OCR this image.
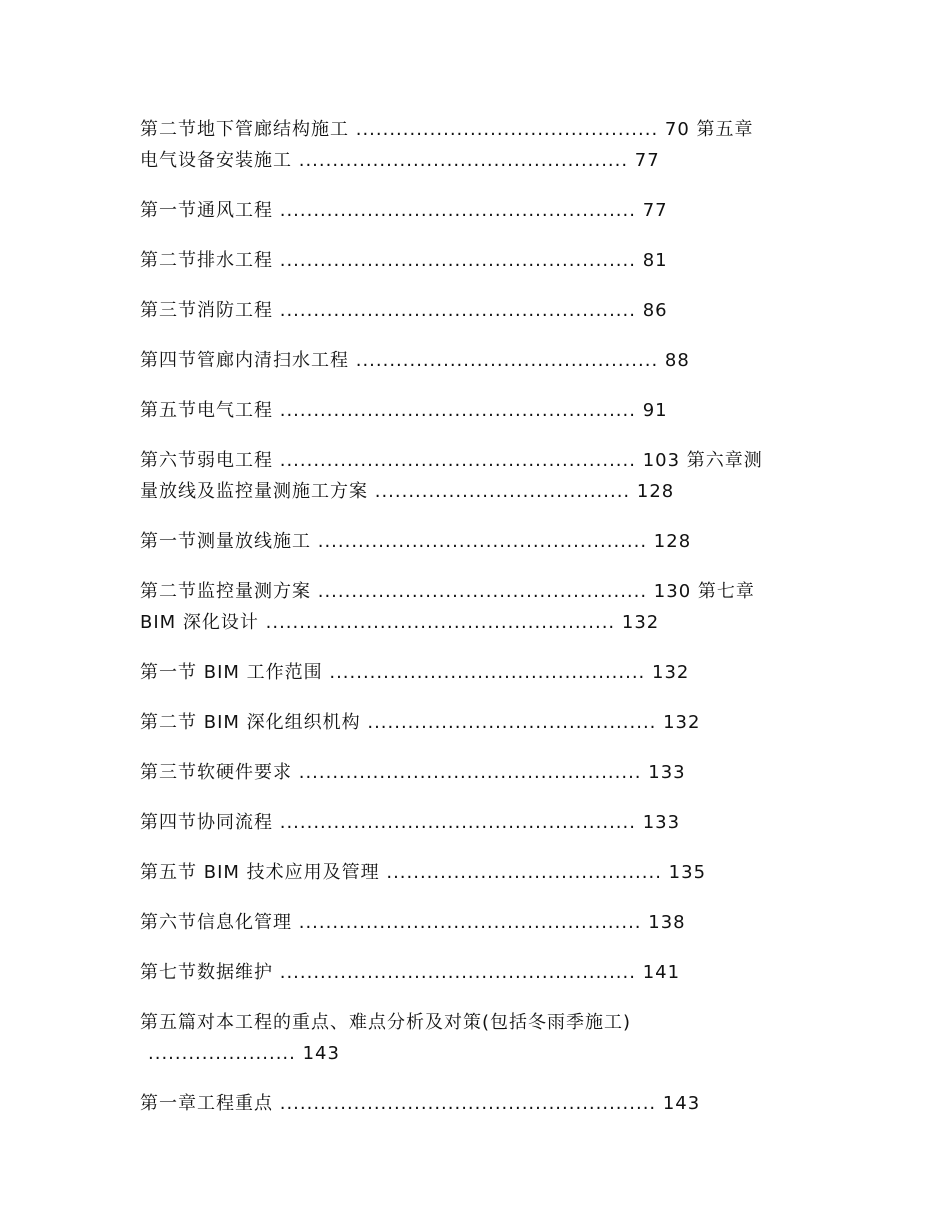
第二节地下管廊结构施工 ............................................. 70 第五章
电气设备安装施工 ................................................. 77
第一节通风工程 ..................................................... 77
第二节排水工程 ..................................................... 81
第三节消防工程 ..................................................... 86
第四节管廊内清扫水工程 ............................................. 88
第五节电气工程 ..................................................... 91
第六节弱电工程 ..................................................... 103 第六章测
量放线及监控量测施工方案 ...................................... 128
第一节测量放线施工 ................................................. 128
第二节监控量测方案 ................................................. 130 第七章
BIM 深化设计 .................................................... 132
第一节 BIM 工作范围 ............................................... 132
第二节 BIM 深化组织机构 ........................................... 132
第三节软硬件要求 ................................................... 133
第四节协同流程 ..................................................... 133
第五节 BIM 技术应用及管理 ......................................... 135
第六节信息化管理 ................................................... 138
第七节数据维护 ..................................................... 141
第五篇对本工程的重点、难点分析及对策(包括冬雨季施工)
...................... 143
第一章工程重点 ........................................................ 143
